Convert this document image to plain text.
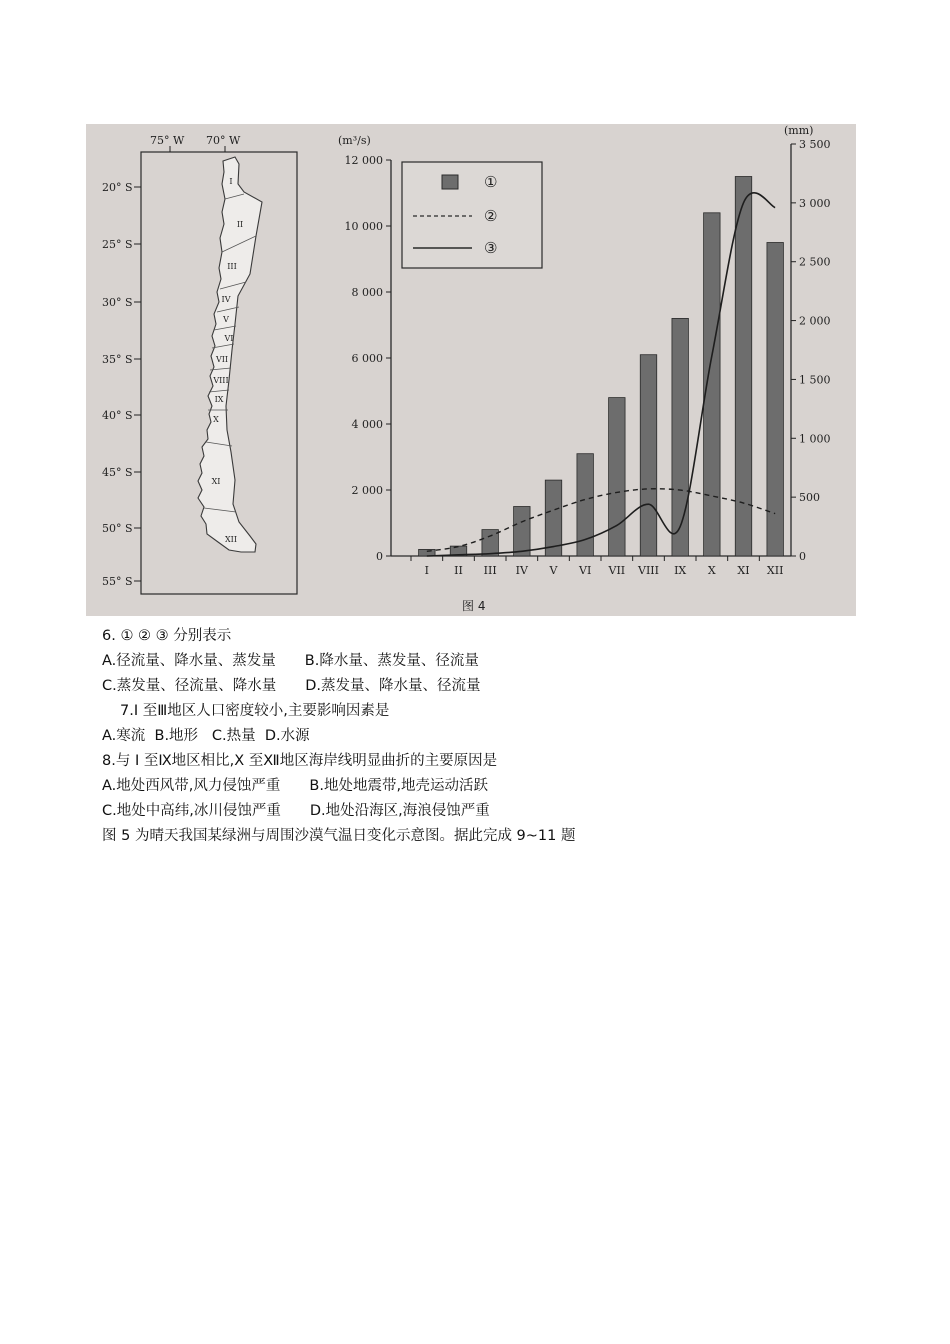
75° W 70° W
20° S
25° S
30° S
35° S
40° S
45° S
50° S
55° S
I
II
III
IV
V
VI
VII
VIII
IX
X
XI
XII
(m³/s)
(mm)
0
2 000
4 000
6 000
8 000
10 000
12 000
0
500
1 000
1 500
2 000
2 500
3 000
3 500
I II III IV V VI VII VIII IX X XI XII
①
②
③
图 4
6. ① ② ③ 分别表示
A.径流量、降水量、蒸发量　　B.降水量、蒸发量、径流量
C.蒸发量、径流量、降水量　　D.蒸发量、降水量、径流量
7.I 至Ⅲ地区人口密度较小,主要影响因素是
A.寒流  B.地形   C.热量  D.水源
8.与 I 至Ⅸ地区相比,X 至Ⅻ地区海岸线明显曲折的主要原因是
A.地处西风带,风力侵蚀严重　　B.地处地震带,地壳运动活跃
C.地处中高纬,冰川侵蚀严重　　D.地处沿海区,海浪侵蚀严重
图 5 为晴天我国某绿洲与周围沙漠气温日变化示意图。据此完成 9~11 题
